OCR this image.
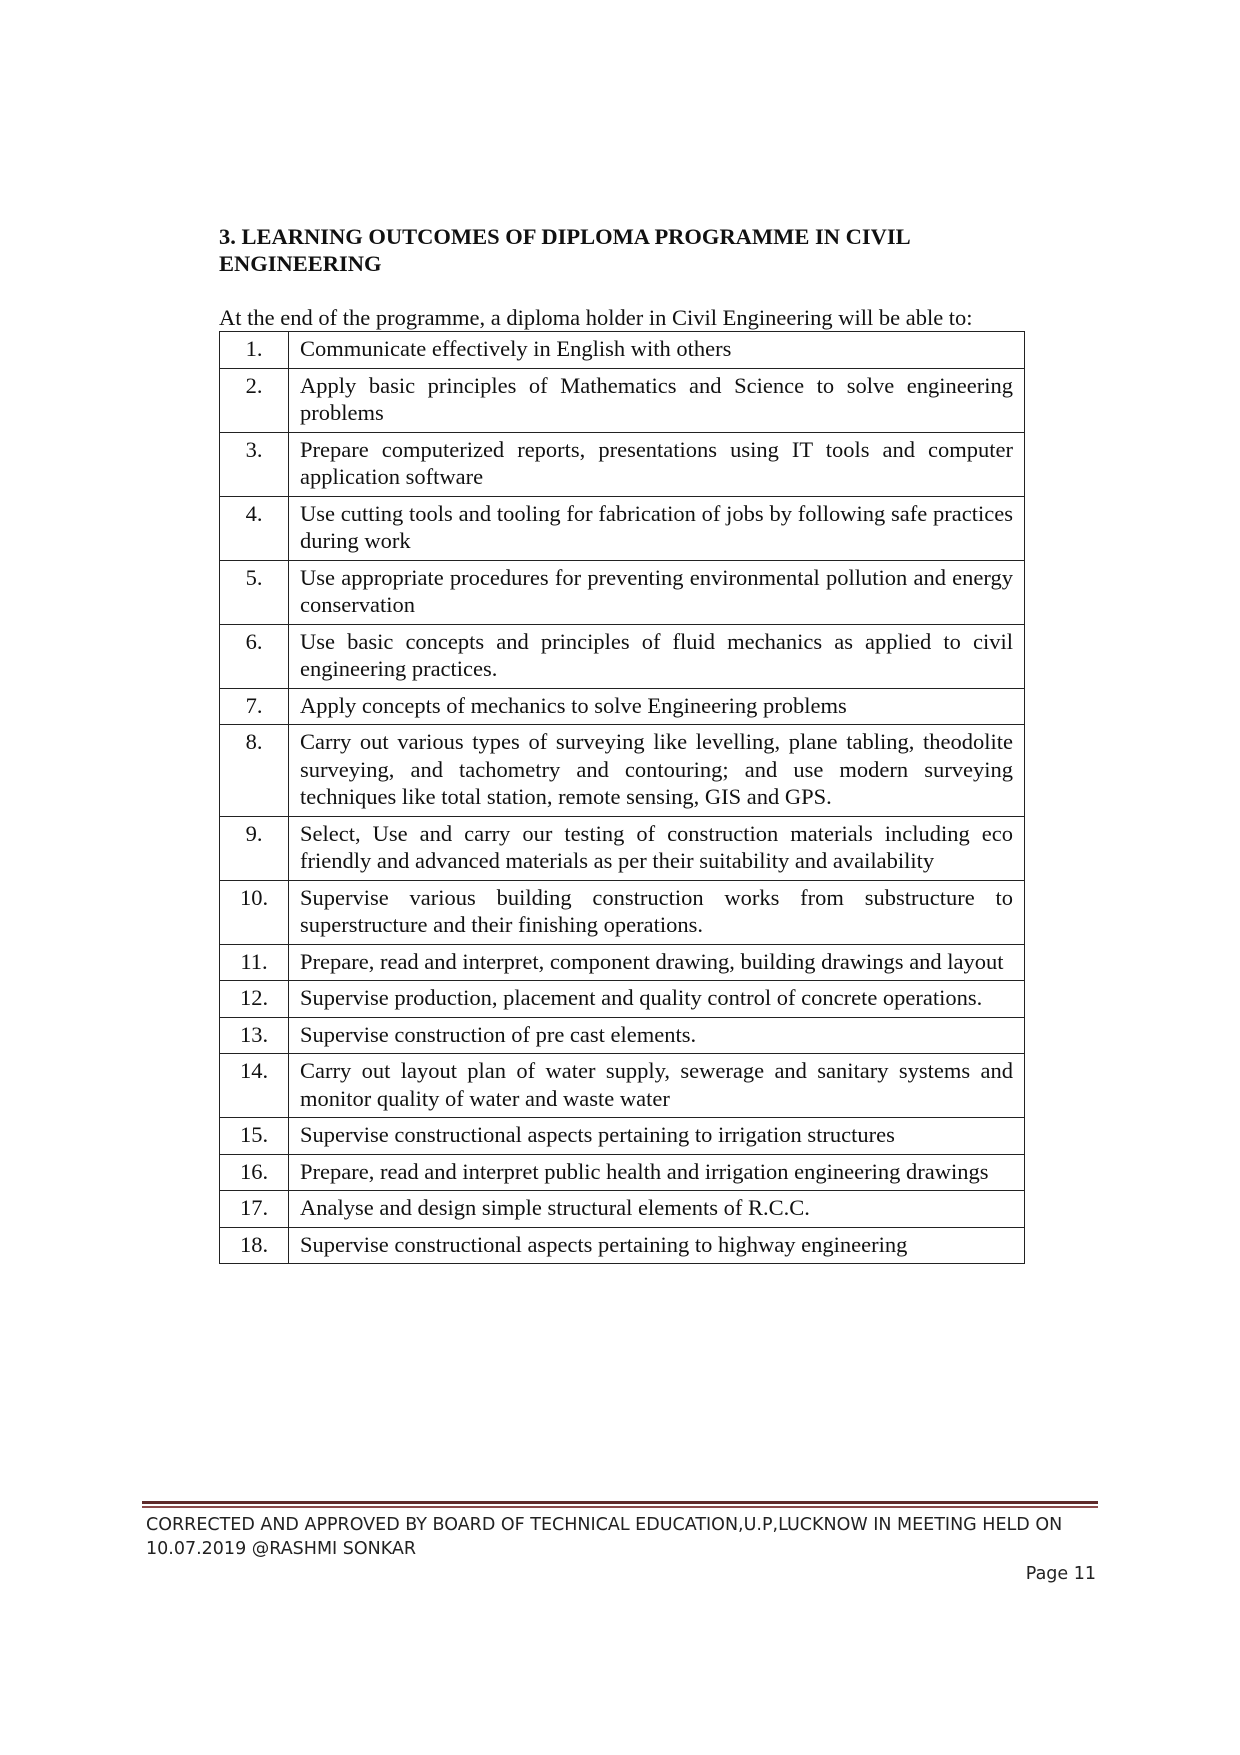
3. LEARNING OUTCOMES OF DIPLOMA PROGRAMME IN CIVIL ENGINEERING
At the end of the programme, a diploma holder in Civil Engineering will be able to:
1.	Communicate effectively in English with others
2.	Apply basic principles of Mathematics and Science to solve engineering problems
3.	Prepare computerized reports, presentations using IT tools and computer application software
4.	Use cutting tools and tooling for fabrication of jobs by following safe practices during work
5.	Use appropriate procedures for preventing environmental pollution and energy conservation
6.	Use basic concepts and principles of fluid mechanics as applied to civil engineering practices.
7.	Apply concepts of mechanics to solve Engineering problems
8.	Carry out various types of surveying like levelling, plane tabling, theodolite surveying, and tachometry and contouring; and use modern surveying techniques like total station, remote sensing, GIS and GPS.
9.	Select, Use and carry our testing of construction materials including eco friendly and advanced materials as per their suitability and availability
10.	Supervise various building construction works from substructure to superstructure and their finishing operations.
11.	Prepare, read and interpret, component drawing, building drawings and layout
12.	Supervise production, placement and quality control of concrete operations.
13.	Supervise construction of pre cast elements.
14.	Carry out layout plan of water supply, sewerage and sanitary systems and monitor quality of water and waste water
15.	Supervise constructional aspects pertaining to irrigation structures
16.	Prepare, read and interpret public health and irrigation engineering drawings
17.	Analyse and design simple structural elements of R.C.C.
18.	Supervise constructional aspects pertaining to highway engineering
CORRECTED AND APPROVED BY BOARD OF TECHNICAL EDUCATION,U.P,LUCKNOW IN MEETING HELD ON
10.07.2019 @RASHMI SONKAR
Page 11
